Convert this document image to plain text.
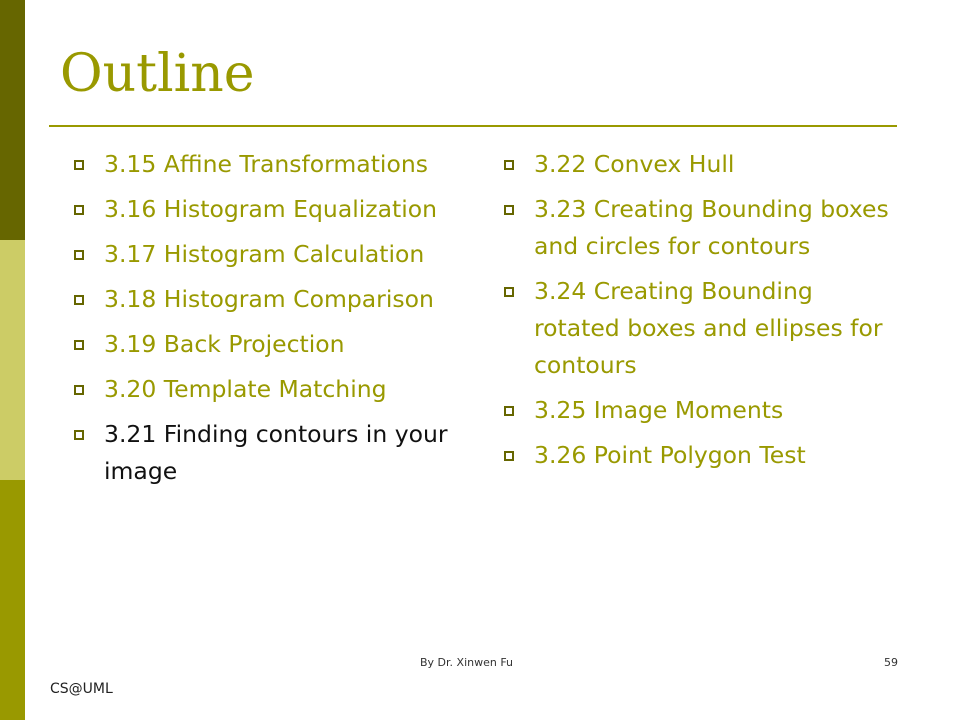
Outline
3.15 Affine Transformations
3.16 Histogram Equalization
3.17 Histogram Calculation
3.18 Histogram Comparison
3.19 Back Projection
3.20 Template Matching
3.21 Finding contours in your image
3.22 Convex Hull
3.23 Creating Bounding boxes and circles for contours
3.24 Creating Bounding rotated boxes and ellipses for contours
3.25 Image Moments
3.26 Point Polygon Test
By Dr. Xinwen Fu	59
CS@UML
